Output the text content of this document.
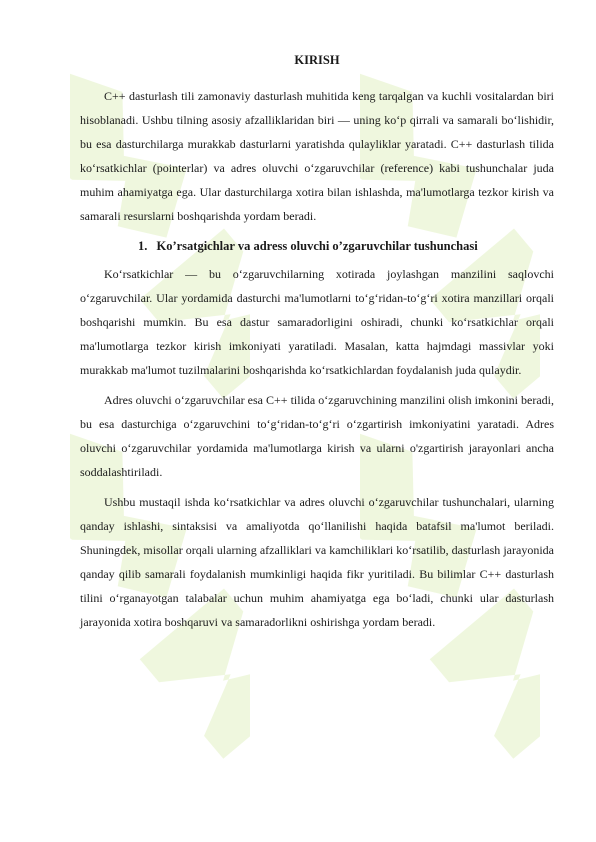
KIRISH

C++ dasturlash tili zamonaviy dasturlash muhitida keng tarqalgan va kuchli vositalardan biri hisoblanadi. Ushbu tilning asosiy afzalliklaridan biri — uning ko‘p qirrali va samarali bo‘lishidir, bu esa dasturchilarga murakkab dasturlarni yaratishda qulayliklar yaratadi. C++ dasturlash tilida ko‘rsatkichlar (pointerlar) va adres oluvchi o‘zgaruvchilar (reference) kabi tushunchalar juda muhim ahamiyatga ega. Ular dasturchilarga xotira bilan ishlashda, ma'lumotlarga tezkor kirish va samarali resurslarni boshqarishda yordam beradi.

1. Ko’rsatgichlar va adress oluvchi o’zgaruvchilar tushunchasi

Ko‘rsatkichlar — bu o‘zgaruvchilarning xotirada joylashgan manzilini saqlovchi o‘zgaruvchilar. Ular yordamida dasturchi ma'lumotlarni to‘g‘ridan-to‘g‘ri xotira manzillari orqali boshqarishi mumkin. Bu esa dastur samaradorligini oshiradi, chunki ko‘rsatkichlar orqali ma'lumotlarga tezkor kirish imkoniyati yaratiladi. Masalan, katta hajmdagi massivlar yoki murakkab ma'lumot tuzilmalarini boshqarishda ko‘rsatkichlardan foydalanish juda qulaydir.

Adres oluvchi o‘zgaruvchilar esa C++ tilida o‘zgaruvchining manzilini olish imkonini beradi, bu esa dasturchiga o‘zgaruvchini to‘g‘ridan-to‘g‘ri o‘zgartirish imkoniyatini yaratadi. Adres oluvchi o‘zgaruvchilar yordamida ma'lumotlarga kirish va ularni o'zgartirish jarayonlari ancha soddalashtiriladi.

Ushbu mustaqil ishda ko‘rsatkichlar va adres oluvchi o‘zgaruvchilar tushunchalari, ularning qanday ishlashi, sintaksisi va amaliyotda qo‘llanilishi haqida batafsil ma'lumot beriladi. Shuningdek, misollar orqali ularning afzalliklari va kamchiliklari ko‘rsatilib, dasturlash jarayonida qanday qilib samarali foydalanish mumkinligi haqida fikr yuritiladi. Bu bilimlar C++ dasturlash tilini o‘rganayotgan talabalar uchun muhim ahamiyatga ega bo‘ladi, chunki ular dasturlash jarayonida xotira boshqaruvi va samaradorlikni oshirishga yordam beradi.
